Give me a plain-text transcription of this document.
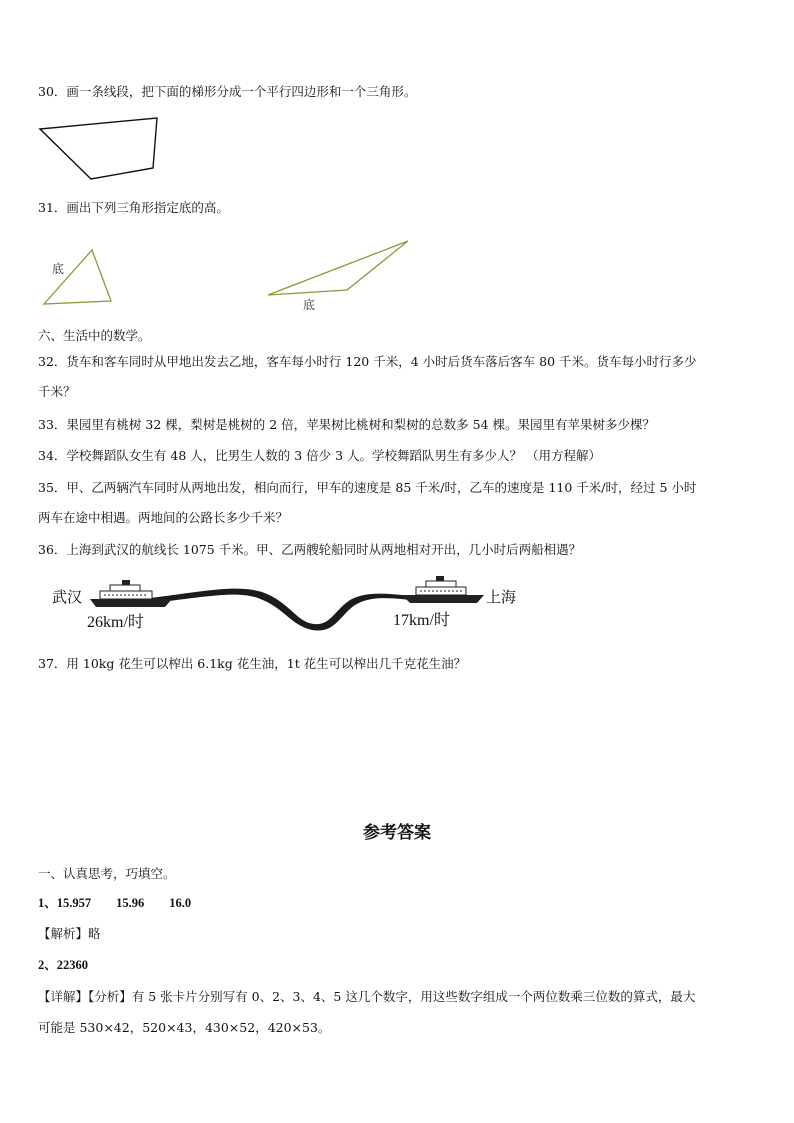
30．画一条线段，把下面的梯形分成一个平行四边形和一个三角形。
底
底
武汉	上海
26km/时	17km/时
31．画出下列三角形指定底的高。
六、生活中的数学。
32．货车和客车同时从甲地出发去乙地，客车每小时行 120 千米，4 小时后货车落后客车 80 千米。货车每小时行多少
千米？
33．果园里有桃树 32 棵，梨树是桃树的 2 倍，苹果树比桃树和梨树的总数多 54 棵。果园里有苹果树多少棵？
34．学校舞蹈队女生有 48 人，比男生人数的 3 倍少 3 人。学校舞蹈队男生有多少人？ （用方程解）
35．甲、乙两辆汽车同时从两地出发，相向而行，甲车的速度是 85 千米/时，乙车的速度是 110 千米/时，经过 5 小时
两车在途中相遇。两地间的公路长多少千米？
36．上海到武汉的航线长 1075 千米。甲、乙两艘轮船同时从两地相对开出，几小时后两船相遇？
37．用 10kg 花生可以榨出 6.1kg 花生油，1t 花生可以榨出几千克花生油？
参考答案
一、认真思考，巧填空。
1、15.957　　15.96　　16.0
【解析】略
2、22360
【详解】【分析】有 5 张卡片分别写有 0、2、3、4、5 这几个数字，用这些数字组成一个两位数乘三位数的算式，最大
可能是 530×42，520×43，430×52，420×53。
